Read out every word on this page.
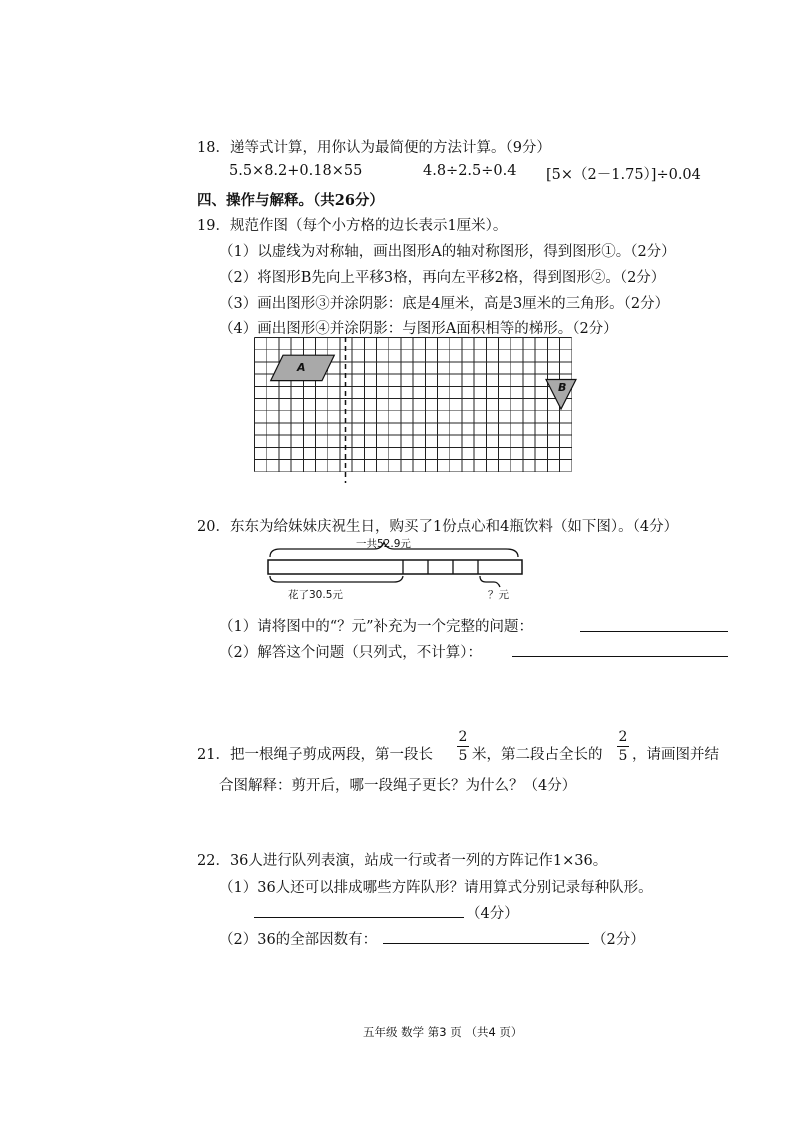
18．递等式计算，用你认为最简便的方法计算。（9分）
5.5×8.2+0.18×55	4.8÷2.5÷0.4 [5×（2－1.75）]÷0.04
四、操作与解释。（共26分）
19．规范作图（每个小方格的边长表示1厘米）。
（1）以虚线为对称轴，画出图形A的轴对称图形，得到图形①。（2分）
（2）将图形B先向上平移3格，再向左平移2格，得到图形②。（2分）
（3）画出图形③并涂阴影：底是4厘米，高是3厘米的三角形。（2分）
（4）画出图形④并涂阴影：与图形A面积相等的梯形。（2分）
A
B
20．东东为给妹妹庆祝生日，购买了1份点心和4瓶饮料（如下图）。（4分）
一共52.9元
花了30.5元	？元
（1）请将图中的“？元”补充为一个完整的问题：
（2）解答这个问题（只列式，不计算）：
21．把一根绳子剪成两段，第一段长
2
5 米，第二段占全长的
2
5 ，请画图并结
合图解释：剪开后，哪一段绳子更长？为什么？（4分）
22．36人进行队列表演，站成一行或者一列的方阵记作1×36。
（1）36人还可以排成哪些方阵队形？请用算式分别记录每种队形。
（4分）
（2）36的全部因数有：	（2分）
五年级 数学 第3 页 （共4 页）
